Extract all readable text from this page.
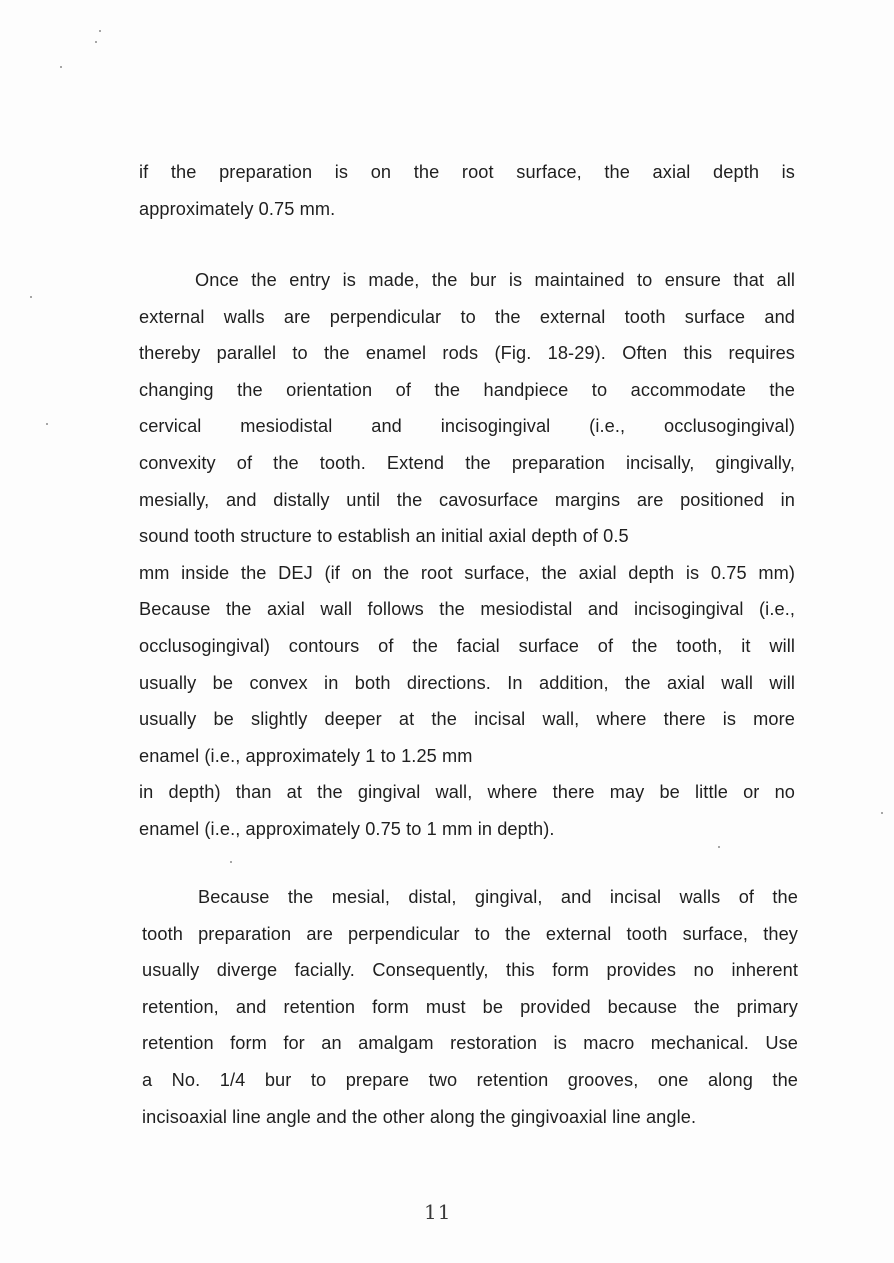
if the preparation is on the root surface, the axial depth is
approximately 0.75 mm.
Once the entry is made, the bur is maintained to ensure that all
external walls are perpendicular to the external tooth surface and
thereby parallel to the enamel rods (Fig. 18-29). Often this requires
changing the orientation of the handpiece to accommodate the
cervical mesiodistal and incisogingival (i.e., occlusogingival)
convexity of the tooth. Extend the preparation incisally, gingivally,
mesially, and distally until the cavosurface margins are positioned in
sound tooth structure to establish an initial axial depth of 0.5
mm inside the DEJ (if on the root surface, the axial depth is 0.75 mm)
Because the axial wall follows the mesiodistal and incisogingival (i.e.,
occlusogingival) contours of the facial surface of the tooth, it will
usually be convex in both directions. In addition, the axial wall will
usually be slightly deeper at the incisal wall, where there is more
enamel (i.e., approximately 1 to 1.25 mm
in depth) than at the gingival wall, where there may be little or no
enamel (i.e., approximately 0.75 to 1 mm in depth).
Because the mesial, distal, gingival, and incisal walls of the
tooth preparation are perpendicular to the external tooth surface, they
usually diverge facially. Consequently, this form provides no inherent
retention, and retention form must be provided because the primary
retention form for an amalgam restoration is macro mechanical. Use
a No. 1/4 bur to prepare two retention grooves, one along the
incisoaxial line angle and the other along the gingivoaxial line angle.
11
